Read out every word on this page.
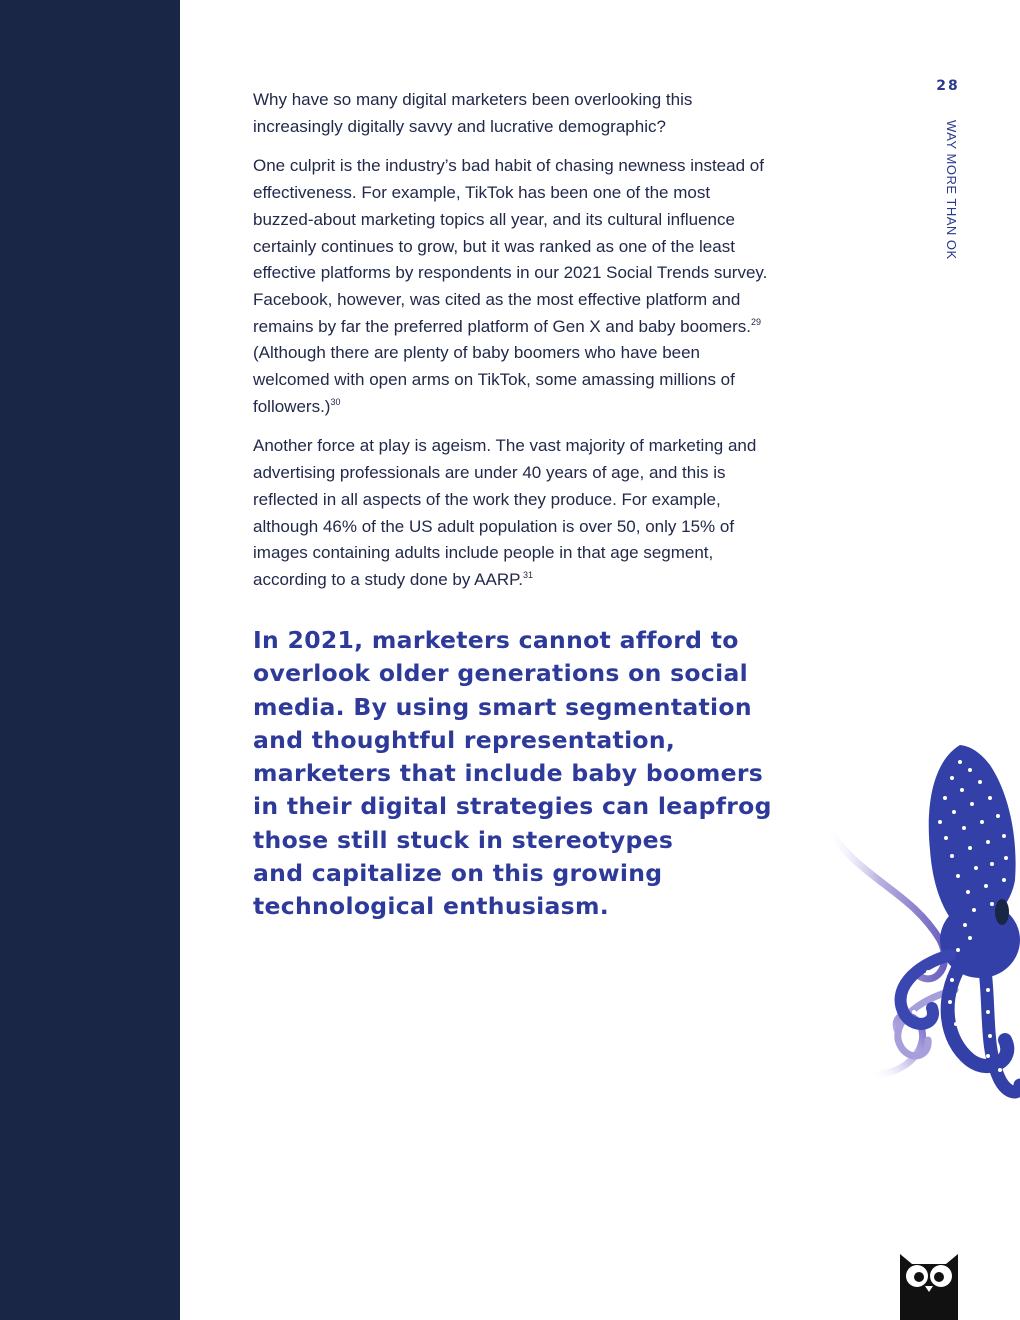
28
WAY MORE THAN OK

Why have so many digital marketers been overlooking this increasingly digitally savvy and lucrative demographic?

One culprit is the industry’s bad habit of chasing newness instead of effectiveness. For example, TikTok has been one of the most buzzed-about marketing topics all year, and its cultural influence certainly continues to grow, but it was ranked as one of the least effective platforms by respondents in our 2021 Social Trends survey. Facebook, however, was cited as the most effective platform and remains by far the preferred platform of Gen X and baby boomers.$^{29}$ (Although there are plenty of baby boomers who have been welcomed with open arms on TikTok, some amassing millions of followers.)$^{30}$

Another force at play is ageism. The vast majority of marketing and advertising professionals are under 40 years of age, and this is reflected in all aspects of the work they produce. For example, although 46% of the US adult population is over 50, only 15% of images containing adults include people in that age segment, according to a study done by AARP.$^{31}$

In 2021, marketers cannot afford to
overlook older generations on social
media. By using smart segmentation
and thoughtful representation,
marketers that include baby boomers
in their digital strategies can leapfrog
those still stuck in stereotypes
and capitalize on this growing
technological enthusiasm.
